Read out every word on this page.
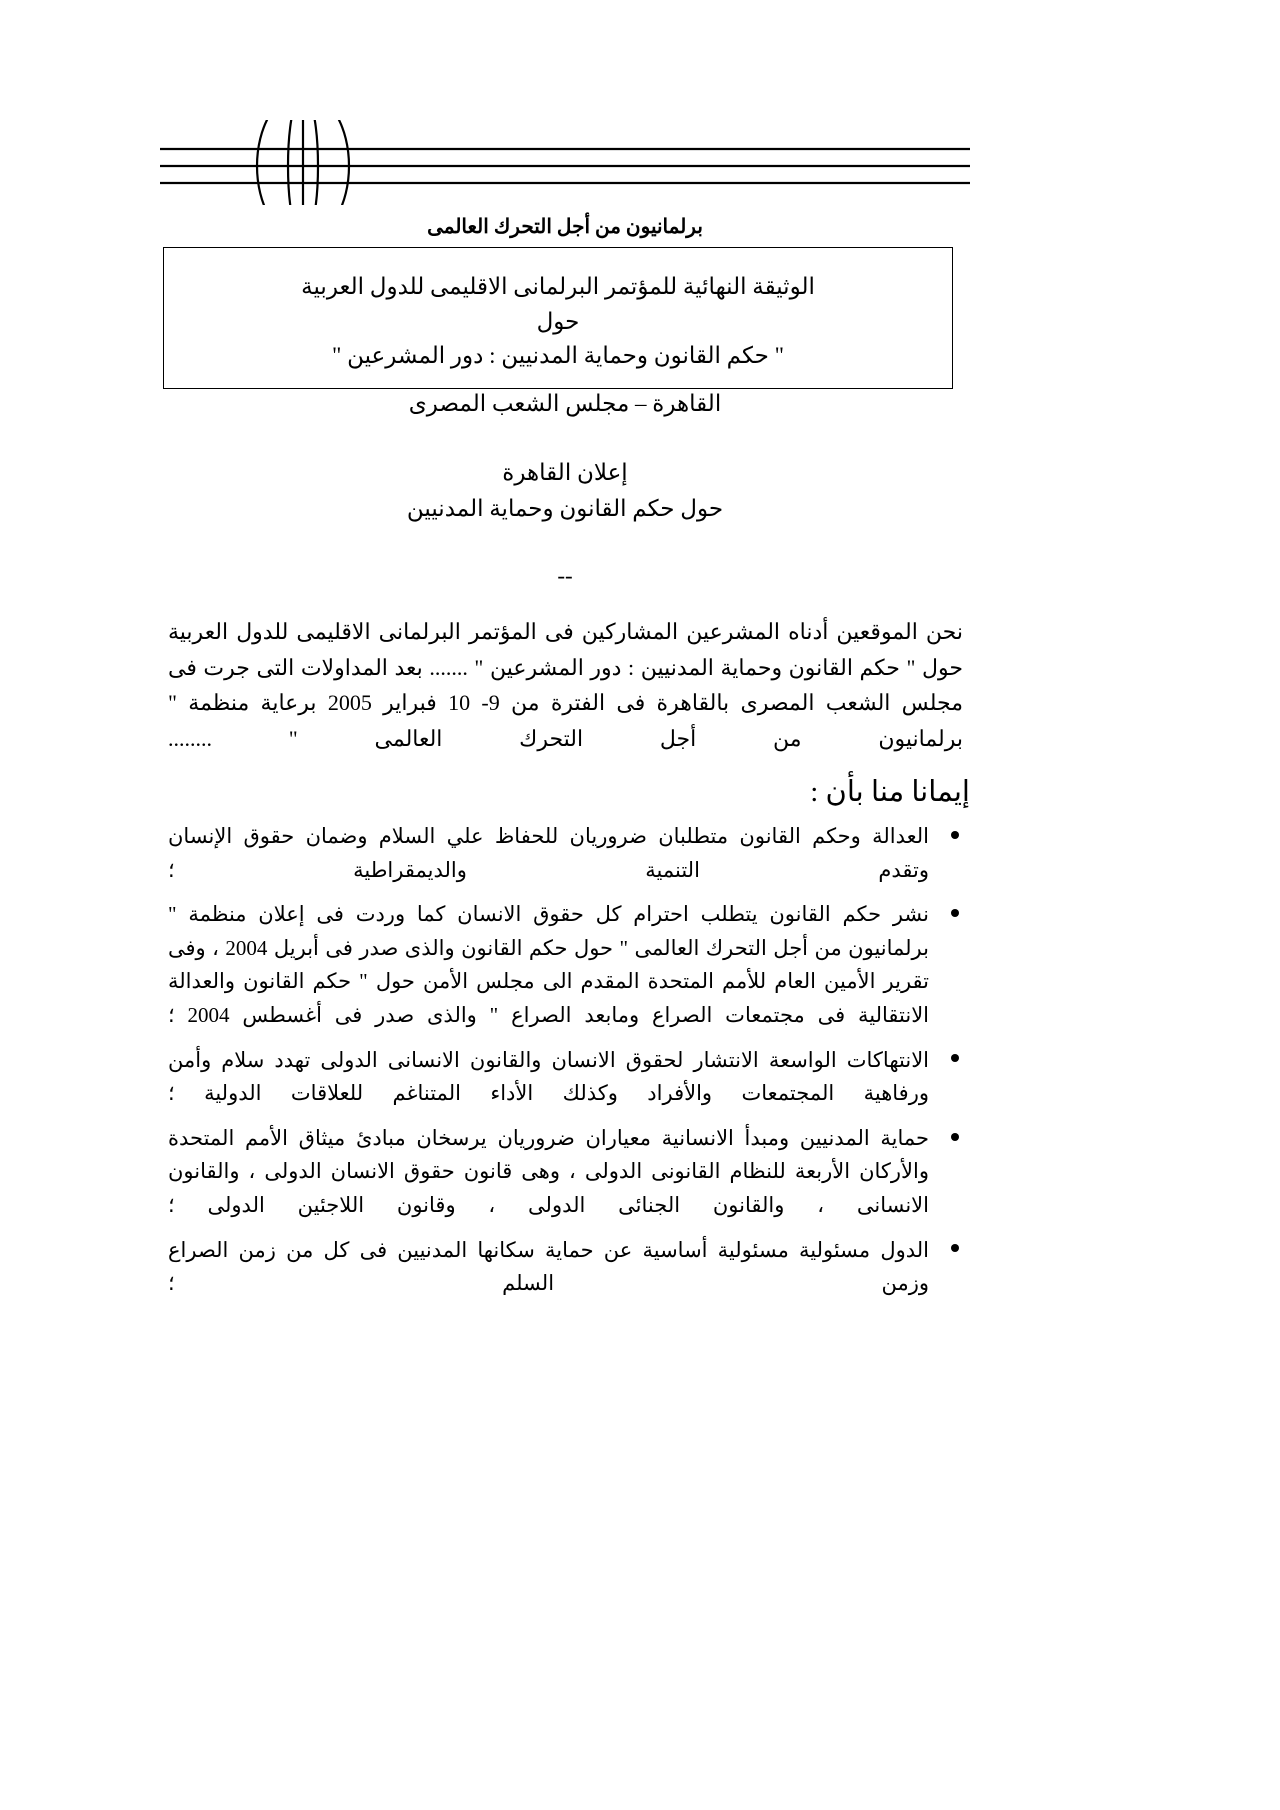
برلمانيون من أجل التحرك العالمى
الوثيقة النهائية للمؤتمر البرلمانى الاقليمى للدول العربية
حول
" حكم القانون وحماية المدنيين : دور المشرعين "
القاهرة – مجلس الشعب المصرى
إعلان القاهرة
حول حكم القانون وحماية المدنيين
--

نحن الموقعين أدناه المشرعين المشاركين فى المؤتمر البرلمانى الاقليمى للدول العربية حول " حكم القانون وحماية المدنيين : دور المشرعين " ....... بعد المداولات التى جرت فى مجلس الشعب المصرى بالقاهرة فى الفترة من 9- 10 فبراير 2005 برعاية منظمة " برلمانيون من أجل التحرك العالمى " ........

إيمانا منا بأن :
العدالة وحكم القانون متطلبان ضروريان للحفاظ علي السلام وضمان حقوق الإنسان وتقدم التنمية والديمقراطية ؛
نشر حكم القانون يتطلب احترام كل حقوق الانسان كما وردت فى إعلان منظمة " برلمانيون من أجل التحرك العالمى " حول حكم القانون والذى صدر فى أبريل 2004 ، وفى تقرير الأمين العام للأمم المتحدة المقدم الى مجلس الأمن حول " حكم القانون والعدالة الانتقالية فى مجتمعات الصراع ومابعد الصراع " والذى صدر فى أغسطس 2004 ؛
الانتهاكات الواسعة الانتشار لحقوق الانسان والقانون الانسانى الدولى تهدد سلام وأمن ورفاهية المجتمعات والأفراد وكذلك الأداء المتناغم للعلاقات الدولية ؛
حماية المدنيين ومبدأ الانسانية معياران ضروريان يرسخان مبادئ ميثاق الأمم المتحدة والأركان الأربعة للنظام القانونى الدولى ، وهى قانون حقوق الانسان الدولى ، والقانون الانسانى ، والقانون الجنائى الدولى ، وقانون اللاجئين الدولى ؛
الدول مسئولية مسئولية أساسية عن حماية سكانها المدنيين فى كل من زمن الصراع وزمن السلم ؛
